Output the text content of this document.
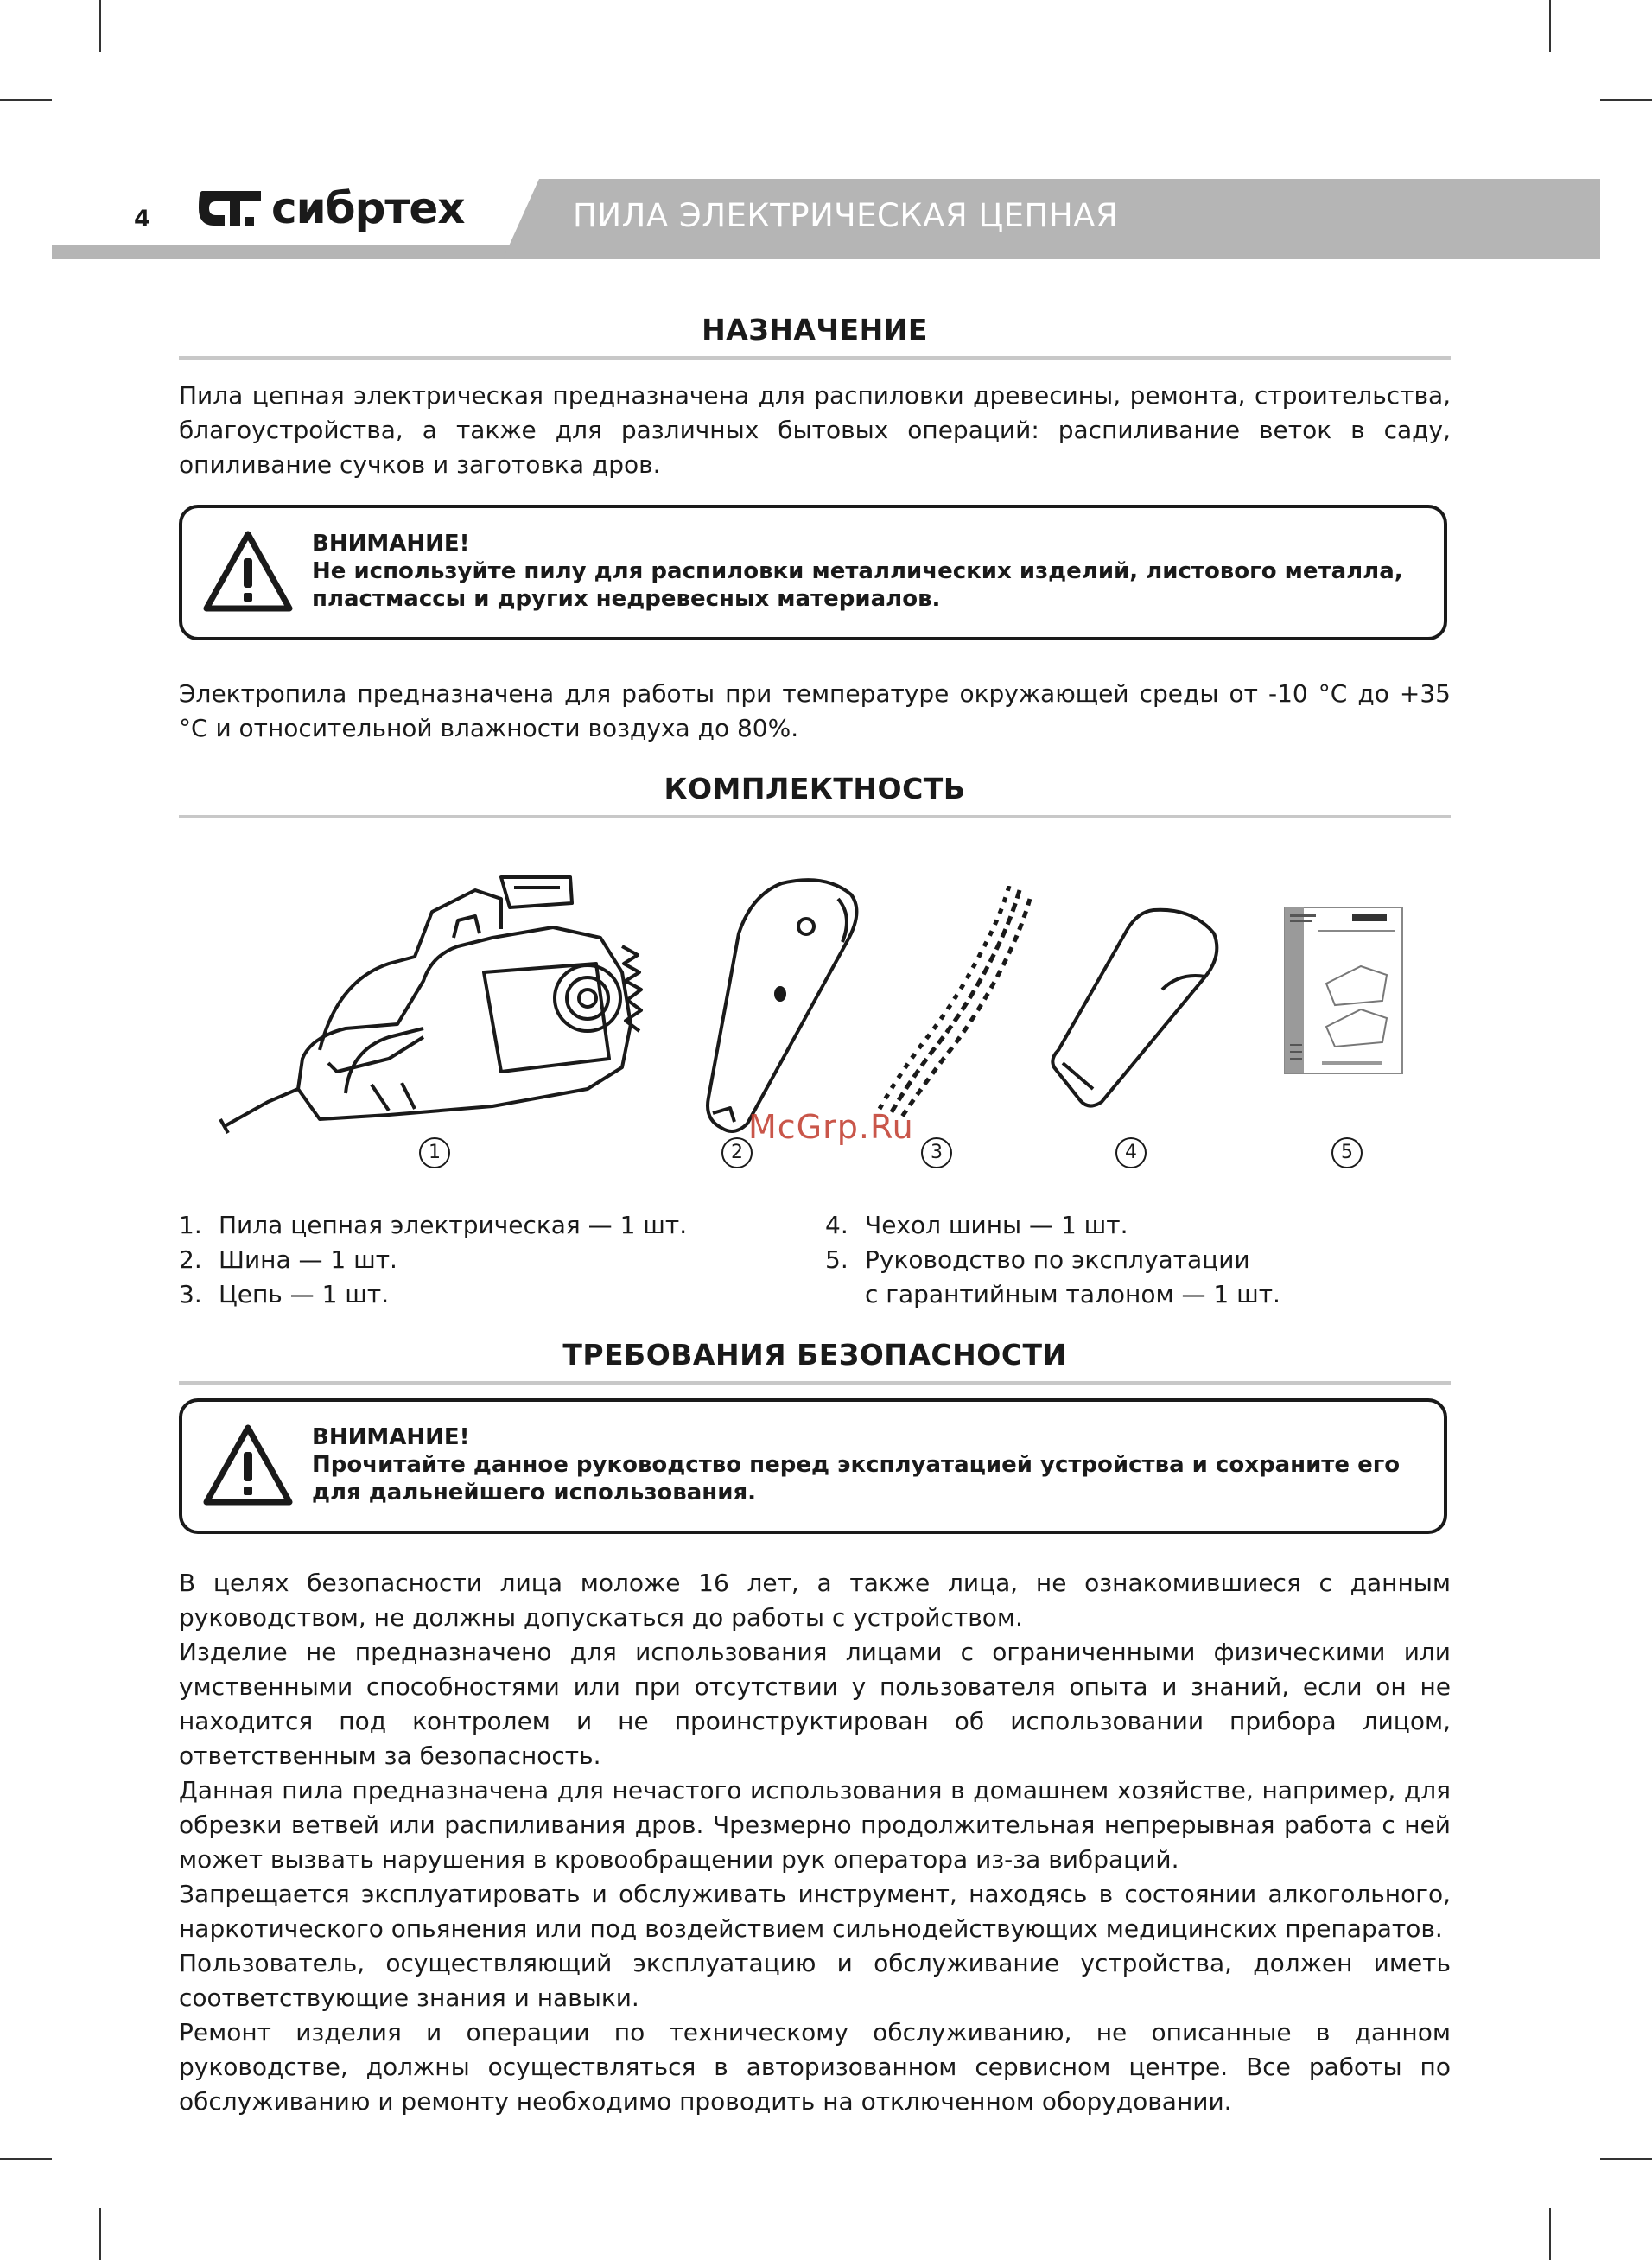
ПИЛА ЭЛЕКТРИЧЕСКАЯ ЦЕПНАЯ
4	сибртех
НАЗНАЧЕНИЕ
Пила цепная электрическая предназначена для распиловки древесины, ремонта, строительства, благоустройства, а также для различных бытовых операций: распиливание веток в саду, опиливание сучков и заготовка дров.
ВНИМАНИЕ!
Не используйте пилу для распиловки металлических изделий, листового металла, пластмассы и других недревесных материалов.
Электропила предназначена для работы при температуре окружающей среды от -10 °С до +35 °С и относительной влажности воздуха до 80%.
КОМПЛЕКТНОСТЬ
McGrp.Ru
1	2	3	4	5
1. Пила цепная электрическая — 1 шт.
2. Шина — 1 шт.
3. Цепь — 1 шт.
4. Чехол шины — 1 шт.
5. Руководство по эксплуатации
с гарантийным талоном — 1 шт.
ТРЕБОВАНИЯ БЕЗОПАСНОСТИ
ВНИМАНИЕ!
Прочитайте данное руководство перед эксплуатацией устройства и сохраните его для дальнейшего использования.

В целях безопасности лица моложе 16 лет, а также лица, не ознакомившиеся с данным руководством, не должны допускаться до работы с устройством.

Изделие не предназначено для использования лицами с ограниченными физическими или умственными способностями или при отсутствии у пользователя опыта и знаний, если он не находится под контролем и не проинструктирован об использовании прибора лицом, ответственным за безопасность.

Данная пила предназначена для нечастого использования в домашнем хозяйстве, например, для обрезки ветвей или распиливания дров. Чрезмерно продолжительная непрерывная работа с ней может вызвать нарушения в кровообращении рук оператора из-за вибраций.

Запрещается эксплуатировать и обслуживать инструмент, находясь в состоянии алкогольного, наркотического опьянения или под воздействием сильнодействующих медицинских препаратов.

Пользователь, осуществляющий эксплуатацию и обслуживание устройства, должен иметь соответствующие знания и навыки.

Ремонт изделия и операции по техническому обслуживанию, не описанные в данном руководстве, должны осуществляться в авторизованном сервисном центре. Все работы по обслуживанию и ремонту необходимо проводить на отключенном оборудовании.
